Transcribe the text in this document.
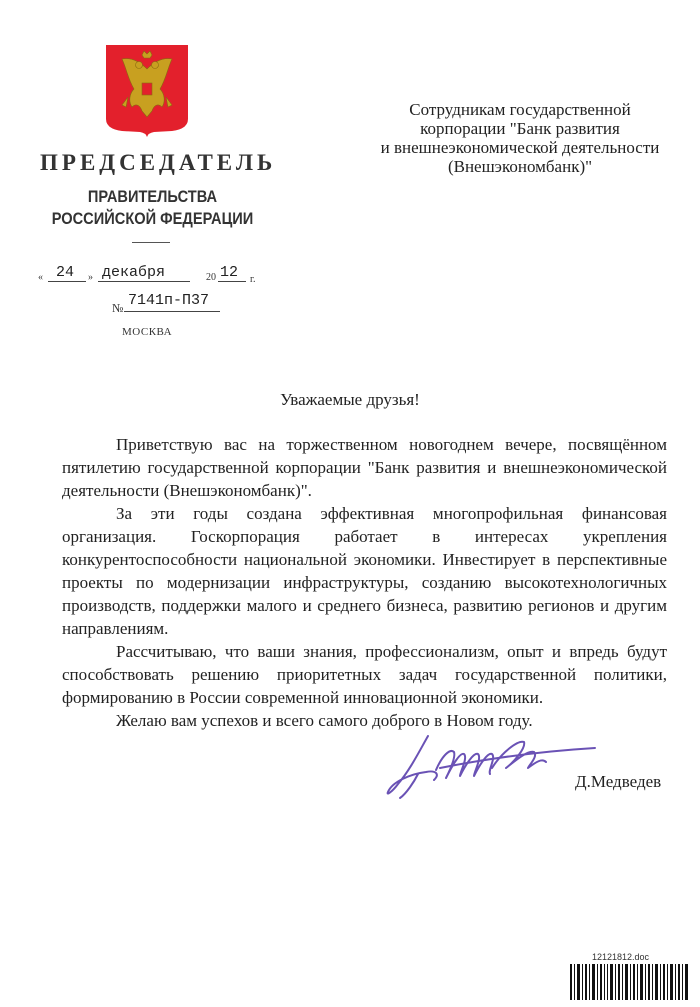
ПРЕДСЕДАТЕЛЬ
ПРАВИТЕЛЬСТВА
РОССИЙСКОЙ ФЕДЕРАЦИИ
« 24 » декабря	20 12 г.
№ 7141п-П37
МОСКВА
Сотрудникам государственной
корпорации "Банк развития
и внешнеэкономической деятельности
(Внешэкономбанк)"
Уважаемые друзья!
Приветствую вас на торжественном новогоднем вечере, посвящённом пятилетию государственной корпорации "Банк развития и внешнеэкономической деятельности (Внешэкономбанк)".
За эти годы создана эффективная многопрофильная финансовая организация. Госкорпорация работает в интересах укрепления конкурентоспособности национальной экономики. Инвестирует в перспективные проекты по модернизации инфраструктуры, созданию высокотехнологичных производств, поддержки малого и среднего бизнеса, развитию регионов и другим направлениям.
Рассчитываю, что ваши знания, профессионализм, опыт и впредь будут способствовать решению приоритетных задач государственной политики, формированию в России современной инновационной экономики.
Желаю вам успехов и всего самого доброго в Новом году.
Д.Медведев
12121812.doc
